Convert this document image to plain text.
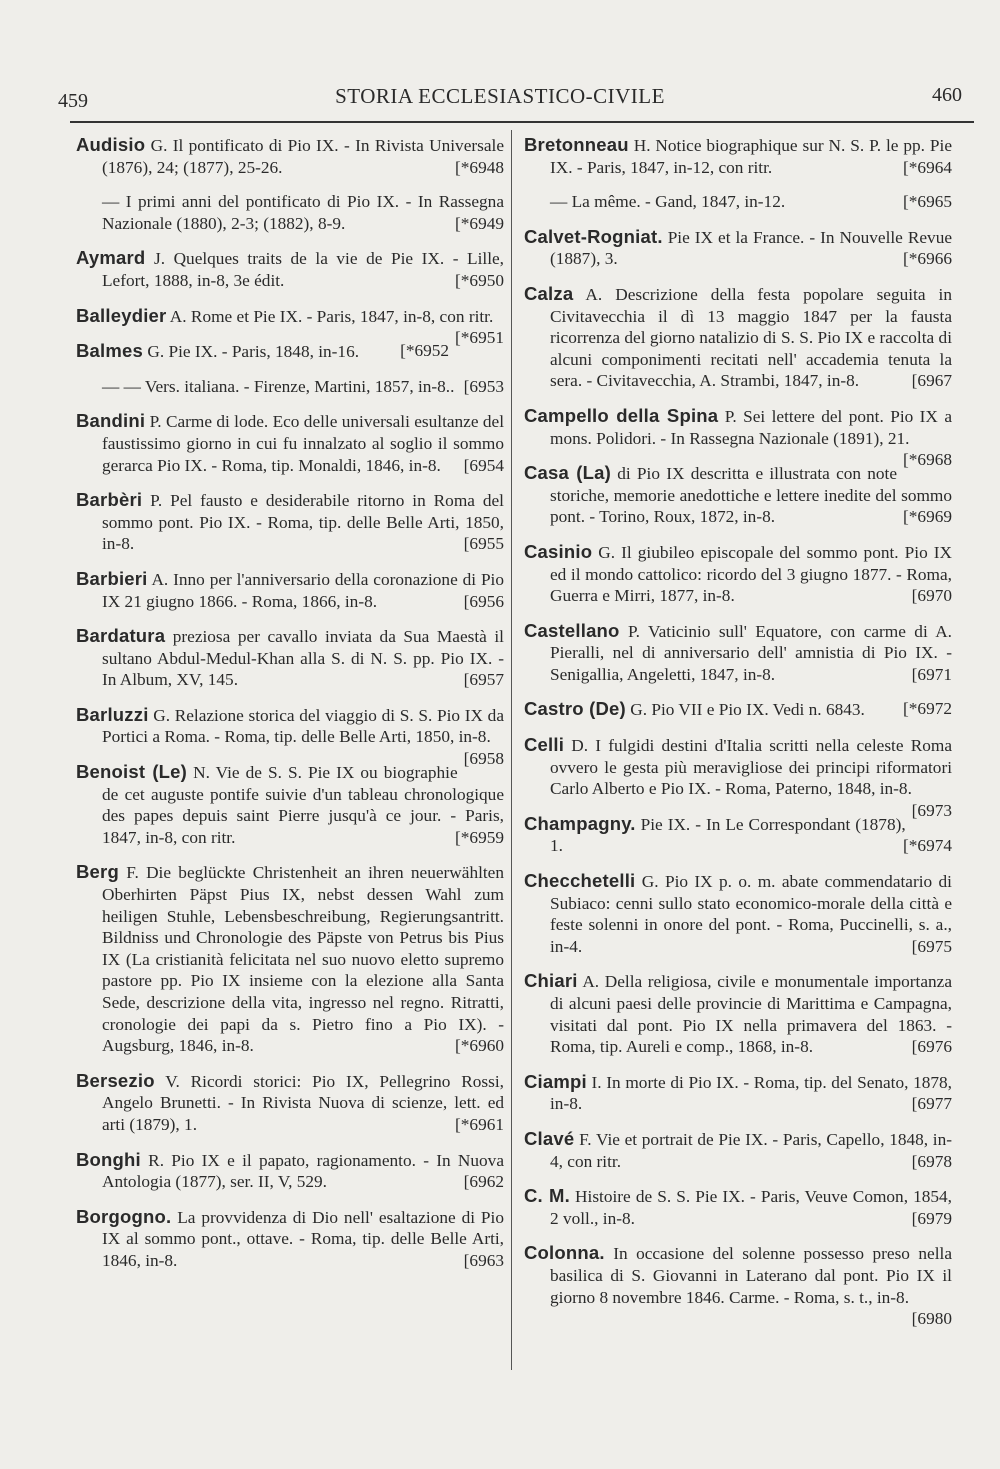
459	STORIA ECCLESIASTICO-CIVILE	460
Audisio G. Il pontificato di Pio IX. - In Rivista Universale (1876), 24; (1877), 25-26.	[*6948
— I primi anni del pontificato di Pio IX. - In Rassegna Nazionale (1880), 2-3; (1882), 8-9.	[*6949
Aymard J. Quelques traits de la vie de Pie IX. - Lille, Lefort, 1888, in-8, 3e édit.	[*6950
Balleydier A. Rome et Pie IX. - Paris, 1847, in-8, con ritr.
[*6951
Balmes G. Pie IX. - Paris, 1848, in-16. [*6952
— — Vers. italiana. - Firenze, Martini, 1857, in-8.. [6953
Bandini P. Carme di lode. Eco delle universali esultanze del faustissimo giorno in cui fu innalzato al soglio il sommo gerarca Pio IX. - Roma, tip. Monaldi, 1846, in-8. [6954
Barbèri P. Pel fausto e desiderabile ritorno in Roma del sommo pont. Pio IX. - Roma, tip. delle Belle Arti, 1850, in-8.	[6955
Barbieri A. Inno per l'anniversario della coronazione di Pio IX 21 giugno 1866. - Roma, 1866, in-8.	[6956
Bardatura preziosa per cavallo inviata da Sua Maestà il sultano Abdul-Medul-Khan alla S. di N. S. pp. Pio IX. - In Album, XV, 145.	[6957
Barluzzi G. Relazione storica del viaggio di S. S. Pio IX da Portici a Roma. - Roma, tip. delle Belle Arti, 1850, in-8.
[6958
Benoist (Le) N. Vie de S. S. Pie IX ou biographie de cet auguste pontife suivie d'un tableau chronologique des papes depuis saint Pierre jusqu'à ce jour. - Paris, 1847, in-8, con ritr.	[*6959
Berg F. Die beglückte Christenheit an ihren neuerwählten Oberhirten Päpst Pius IX, nebst dessen Wahl zum heiligen Stuhle, Lebensbeschreibung, Regierungsantritt. Bildniss und Chronologie des Päpste von Petrus bis Pius IX (La cristianità felicitata nel suo nuovo eletto supremo pastore pp. Pio IX insieme con la elezione alla Santa Sede, descrizione della vita, ingresso nel regno. Ritratti, cronologie dei papi da s. Pietro fino a Pio IX). - Augsburg, 1846, in-8.	[*6960
Bersezio V. Ricordi storici: Pio IX, Pellegrino Rossi, Angelo Brunetti. - In Rivista Nuova di scienze, lett. ed arti (1879), 1.	[*6961
Bonghi R. Pio IX e il papato, ragionamento. - In Nuova Antologia (1877), ser. II, V, 529.	[6962
Borgogno. La provvidenza di Dio nell' esaltazione di Pio IX al sommo pont., ottave. - Roma, tip. delle Belle Arti, 1846, in-8.	[6963
Bretonneau H. Notice biographique sur N. S. P. le pp. Pie IX. - Paris, 1847, in-12, con ritr.	[*6964
— La même. - Gand, 1847, in-12.	[*6965
Calvet-Rogniat. Pie IX et la France. - In Nouvelle Revue (1887), 3.	[*6966
Calza A. Descrizione della festa popolare seguita in Civitavecchia il dì 13 maggio 1847 per la fausta ricorrenza del giorno natalizio di S. S. Pio IX e raccolta di alcuni componimenti recitati nell' accademia tenuta la sera. - Civitavecchia, A. Strambi, 1847, in-8.	[6967
Campello della Spina P. Sei lettere del pont. Pio IX a mons. Polidori. - In Rassegna Nazionale (1891), 21.
[*6968
Casa (La) di Pio IX descritta e illustrata con note storiche, memorie anedottiche e lettere inedite del sommo pont. - Torino, Roux, 1872, in-8.	[*6969
Casinio G. Il giubileo episcopale del sommo pont. Pio IX ed il mondo cattolico: ricordo del 3 giugno 1877. - Roma, Guerra e Mirri, 1877, in-8.	[6970
Castellano P. Vaticinio sull' Equatore, con carme di A. Pieralli, nel di anniversario dell' amnistia di Pio IX. - Senigallia, Angeletti, 1847, in-8.	[6971
Castro (De) G. Pio VII e Pio IX. Vedi n. 6843. [*6972
Celli D. I fulgidi destini d'Italia scritti nella celeste Roma ovvero le gesta più meravigliose dei principi riformatori Carlo Alberto e Pio IX. - Roma, Paterno, 1848, in-8.
[6973
Champagny. Pie IX. - In Le Correspondant (1878), 1.	[*6974
Checchetelli G. Pio IX p. o. m. abate commendatario di Subiaco: cenni sullo stato economico-morale della città e feste solenni in onore del pont. - Roma, Puccinelli, s. a., in-4.	[6975
Chiari A. Della religiosa, civile e monumentale importanza di alcuni paesi delle provincie di Marittima e Campagna, visitati dal pont. Pio IX nella primavera del 1863. - Roma, tip. Aureli e comp., 1868, in-8.	[6976
Ciampi I. In morte di Pio IX. - Roma, tip. del Senato, 1878, in-8.	[6977
Clavé F. Vie et portrait de Pie IX. - Paris, Capello, 1848, in-4, con ritr.	[6978
C. M. Histoire de S. S. Pie IX. - Paris, Veuve Comon, 1854, 2 voll., in-8.	[6979
Colonna. In occasione del solenne possesso preso nella basilica di S. Giovanni in Laterano dal pont. Pio IX il giorno 8 novembre 1846. Carme. - Roma, s. t., in-8.
[6980
